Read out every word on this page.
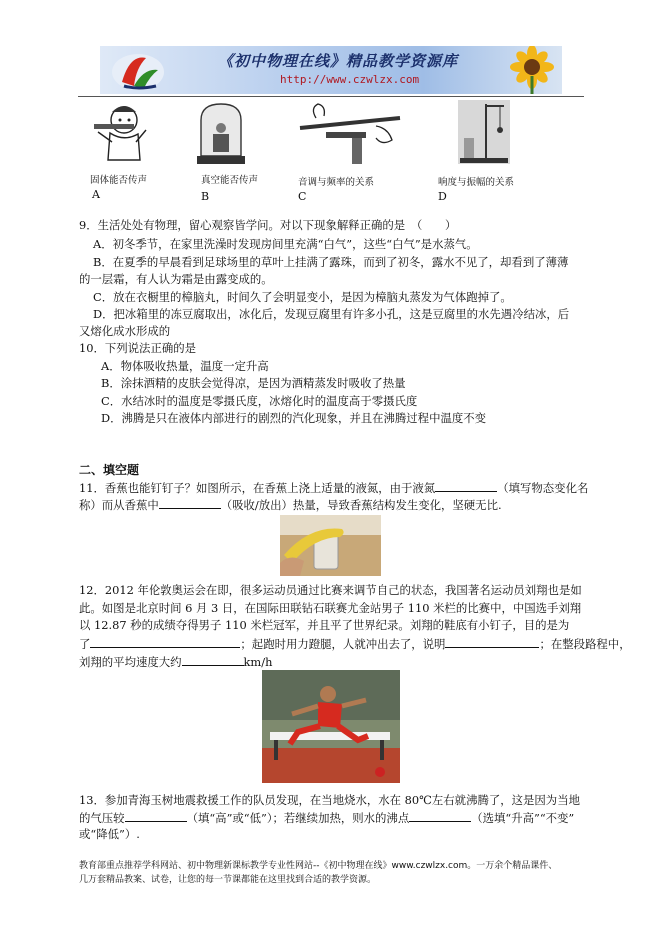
《初中物理在线》精品教学资源库
http://www.czwlzx.com
固体能否传声	真空能否传声	音调与频率的关系	响度与振幅的关系
A	B	C	D
9．生活处处有物理，留心观察皆学问。对以下现象解释正确的是　（　　）
A．初冬季节，在家里洗澡时发现房间里充满“白气”，这些“白气”是水蒸气。
B．在夏季的早晨看到足球场里的草叶上挂满了露珠，而到了初冬，露水不见了，却看到了薄薄
的一层霜，有人认为霜是由露变成的。
C．放在衣橱里的樟脑丸，时间久了会明显变小，是因为樟脑丸蒸发为气体跑掉了。
D．把冰箱里的冻豆腐取出，冰化后，发现豆腐里有许多小孔，这是豆腐里的水先遇冷结冰，后
又熔化成水形成的
10．下列说法正确的是
A．物体吸收热量，温度一定升高
B．涂抹酒精的皮肤会觉得凉，是因为酒精蒸发时吸收了热量
C．水结冰时的温度是零摄氏度，冰熔化时的温度高于零摄氏度
D．沸腾是只在液体内部进行的剧烈的汽化现象，并且在沸腾过程中温度不变
二、填空题
11．香蕉也能钉钉子？如图所示，在香蕉上浇上适量的液氮，由于液氮	（填写物态变化名
称）而从香蕉中	（吸收/放出）热量，导致香蕉结构发生变化，坚硬无比.
12．2012 年伦敦奥运会在即，很多运动员通过比赛来调节自己的状态，我国著名运动员刘翔也是如
此。如图是北京时间 6 月 3 日，在国际田联钻石联赛尤金站男子 110 米栏的比赛中，中国选手刘翔
以 12.87 秒的成绩夺得男子 110 米栏冠军，并且平了世界纪录。刘翔的鞋底有小钉子，目的是为
了	；起跑时用力蹬腿，人就冲出去了，说明	；在整段路程中，
刘翔的平均速度大约	km/h
13．参加青海玉树地震救援工作的队员发现，在当地烧水，水在 80℃左右就沸腾了，这是因为当地
的气压较	（填“高”或“低”）；若继续加热，则水的沸点	（选填“升高”“不变”
或“降低”）.
教育部重点推荐学科网站、初中物理新课标教学专业性网站--《初中物理在线》www.czwlzx.com。一万余个精品课件、
几万套精品教案、试卷，让您的每一节课都能在这里找到合适的教学资源。
